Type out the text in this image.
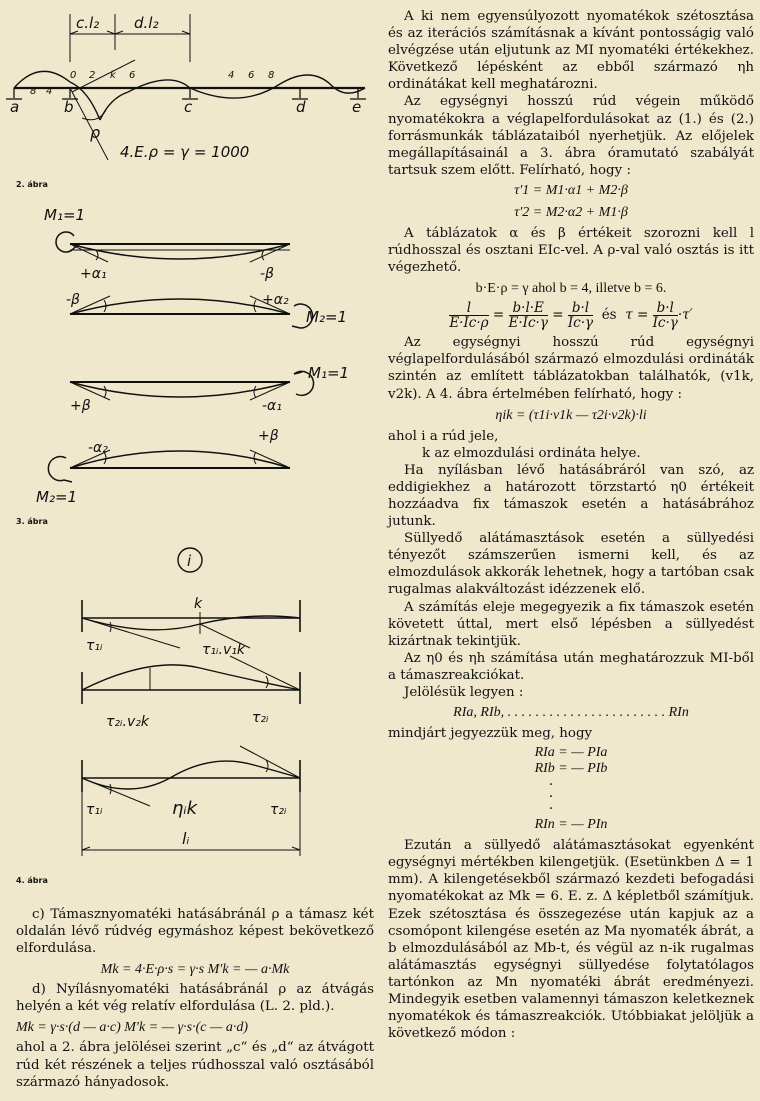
c.l₂ d.l₂
8 4
0 2 k 6	4 6 8
a	b	c	d	e
ρ
4.E.ρ = γ = 1000
2. ábra
M₁=1
+α₁	-β
-β	+α₂
M₂=1
M₁=1
+β	-α₁
-α₂
+β
M₂=1
3. ábra
i
k
τ₁ᵢ	τ₁ᵢ.v₁k
τ₂ᵢ.v₂k	τ₂ᵢ
τ₁ᵢ	ηᵢk	τ₂ᵢ
lᵢ
4. ábra

c) Támasznyomatéki hatásábránál ρ a támasz két oldalán lévő rúdvég egymáshoz képest bekövetkező elfordulása.

Mk = 4·E·ρ·s = γ·s M′k = — a·Mk

d) Nyílásnyomatéki hatásábránál ρ az átvágás helyén a két vég relatív elfordulása (L. 2. pld.).

Mk = γ·s·(d — a·c) M′k = — γ·s·(c — a·d)

ahol a 2. ábra jelölései szerint „c“ és „d“ az átvágott rúd két részének a teljes rúdhosszal való osztásából származó hányadosok.

A ki nem egyensúlyozott nyomatékok szétosztása és az iterációs számításnak a kívánt pontosságig való elvégzése után eljutunk az MI nyomatéki értékekhez. Következő lépésként az ebből származó ηh ordinátákat kell meghatározni.

Az egységnyi hosszú rúd végein működő nyomatékokra a véglapelfordulásokat az (1.) és (2.) forrásmunkák táblázataiból nyerhetjük. Az előjelek megállapításainál a 3. ábra óramutató szabályát tartsuk szem előtt. Felírható, hogy :

τ′1 = M1·α1 + M2·β

τ′2 = M2·α2 + M1·β

A táblázatok α és β értékeit szorozni kell l rúdhosszal és osztani EIc-vel. A ρ-val való osztás is itt végezhető.

b·E·ρ = γ ahol b = 4, illetve b = 6.

$\frac{l}{E\cdot Ic\cdot\rho} = \frac{b\cdot l\cdot E}{E\cdot Ic\cdot\gamma} = \frac{b\cdot l}{Ic\cdot\gamma}$ és $\tau = \frac{b\cdot l}{Ic\cdot\gamma} \cdot\tau'$

Az egységnyi hosszú rúd egységnyi véglapelfordulásából származó elmozdulási ordináták szintén az említett táblázatokban találhatók, (v1k, v2k). A 4. ábra értelmében felírható, hogy :

ηik = (τ1i·v1k — τ2i·v2k)·li

ahol i a rúd jele,

k az elmozdulási ordináta helye.

Ha nyílásban lévő hatásábráról van szó, az eddigiekhez a határozott törzstartó η0 értékeit hozzáadva fix támaszok esetén a hatásábrához jutunk.

Süllyedő alátámasztások esetén a süllyedési tényezőt számszerűen ismerni kell, és az elmozdulások akkorák lehetnek, hogy a tartóban csak rugalmas alakváltozást idézzenek elő.

A számítás eleje megegyezik a fix támaszok esetén követett úttal, mert első lépésben a süllyedést kizártnak tekintjük.

Az η0 és ηh számítása után meghatározzuk MI-ből a támaszreakciókat.

Jelölésük legyen :

RIa, RIb, . . . . . . . . . . . . . . . . . . . . . . . RIn

mindjárt jegyezzük meg, hogy

RIa = — PIa

RIb = — PIb

·
·
·

RIn = — PIn

Ezután a süllyedő alátámasztásokat egyenként egységnyi mértékben kilengetjük. (Esetünkben Δ = 1 mm). A kilengetésekből származó kezdeti befogadási nyomatékokat az Mk = 6. E. z. Δ képletből számítjuk. Ezek szétosztása és összegezése után kapjuk az a csomópont kilengése esetén az Ma nyomaték ábrát, a b elmozdulásából az Mb-t, és végül az n-ik rugalmas alátámasztás egységnyi süllyedése folytatólagos tartónkon az Mn nyomatéki ábrát eredményezi. Mindegyik esetben valamennyi támaszon keletkeznek nyomatékok és támaszreakciók. Utóbbiakat jelöljük a következő módon :
